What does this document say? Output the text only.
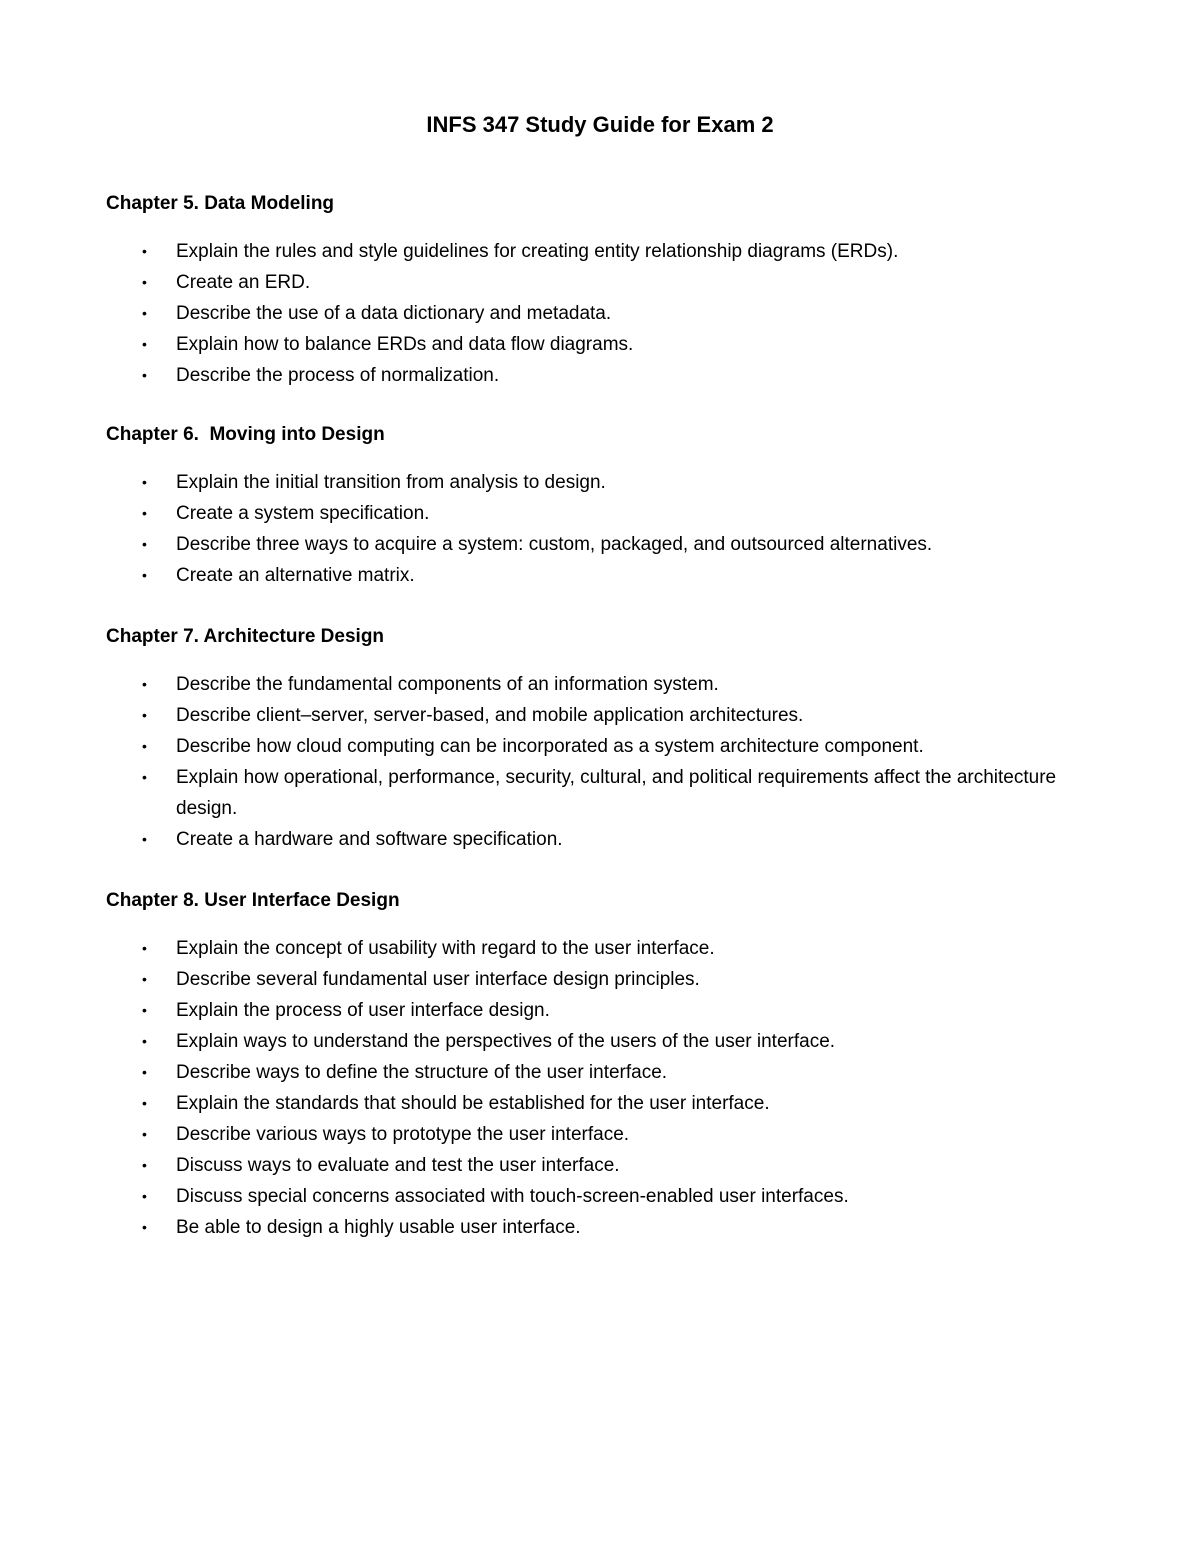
INFS 347 Study Guide for Exam 2
Chapter 5. Data Modeling
• Explain the rules and style guidelines for creating entity relationship diagrams (ERDs).
• Create an ERD.
• Describe the use of a data dictionary and metadata.
• Explain how to balance ERDs and data flow diagrams.
• Describe the process of normalization.
Chapter 6.  Moving into Design
• Explain the initial transition from analysis to design.
• Create a system specification.
• Describe three ways to acquire a system: custom, packaged, and outsourced alternatives.
• Create an alternative matrix.
Chapter 7. Architecture Design
• Describe the fundamental components of an information system.
• Describe client–server, server-based, and mobile application architectures.
• Describe how cloud computing can be incorporated as a system architecture component.
• Explain how operational, performance, security, cultural, and political requirements affect the architecture design.
• Create a hardware and software specification.
Chapter 8. User Interface Design
• Explain the concept of usability with regard to the user interface.
• Describe several fundamental user interface design principles.
• Explain the process of user interface design.
• Explain ways to understand the perspectives of the users of the user interface.
• Describe ways to define the structure of the user interface.
• Explain the standards that should be established for the user interface.
• Describe various ways to prototype the user interface.
• Discuss ways to evaluate and test the user interface.
• Discuss special concerns associated with touch-screen-enabled user interfaces.
• Be able to design a highly usable user interface.
